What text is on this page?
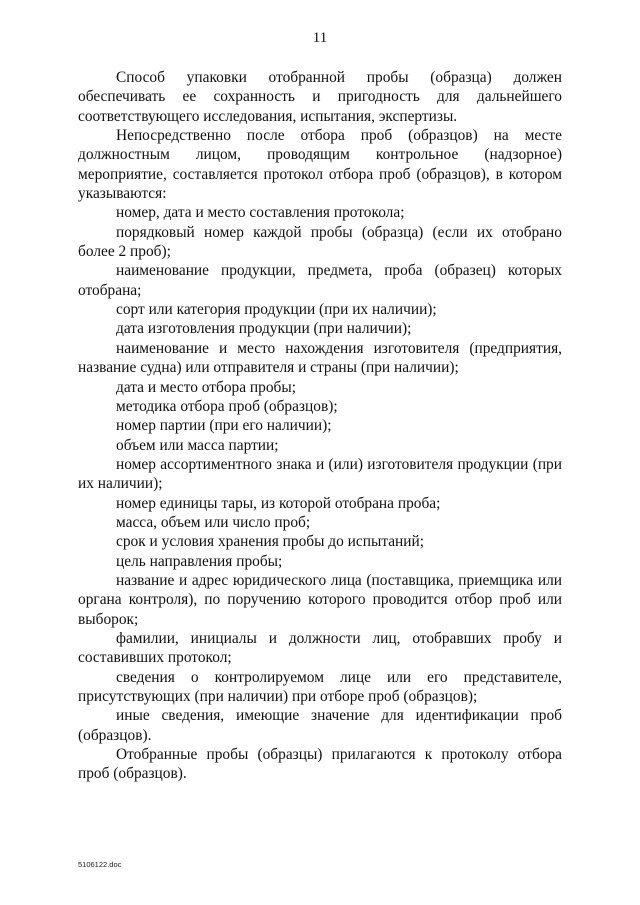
11

Способ упаковки отобранной пробы (образца) должен обеспечивать ее сохранность и пригодность для дальнейшего соответствующего исследования, испытания, экспертизы.

Непосредственно после отбора проб (образцов) на месте должностным лицом, проводящим контрольное (надзорное) мероприятие, составляется протокол отбора проб (образцов), в котором указываются:

номер, дата и место составления протокола;

порядковый номер каждой пробы (образца) (если их отобрано более 2 проб);

наименование продукции, предмета, проба (образец) которых отобрана;

сорт или категория продукции (при их наличии);

дата изготовления продукции (при наличии);

наименование и место нахождения изготовителя (предприятия, название судна) или отправителя и страны (при наличии);

дата и место отбора пробы;

методика отбора проб (образцов);

номер партии (при его наличии);

объем или масса партии;

номер ассортиментного знака и (или) изготовителя продукции (при их наличии);

номер единицы тары, из которой отобрана проба;

масса, объем или число проб;

срок и условия хранения пробы до испытаний;

цель направления пробы;

название и адрес юридического лица (поставщика, приемщика или органа контроля), по поручению которого проводится отбор проб или выборок;

фамилии, инициалы и должности лиц, отобравших пробу и составивших протокол;

сведения о контролируемом лице или его представителе, присутствующих (при наличии) при отборе проб (образцов);

иные сведения, имеющие значение для идентификации проб (образцов).

Отобранные пробы (образцы) прилагаются к протоколу отбора проб (образцов).

5106122.doc
